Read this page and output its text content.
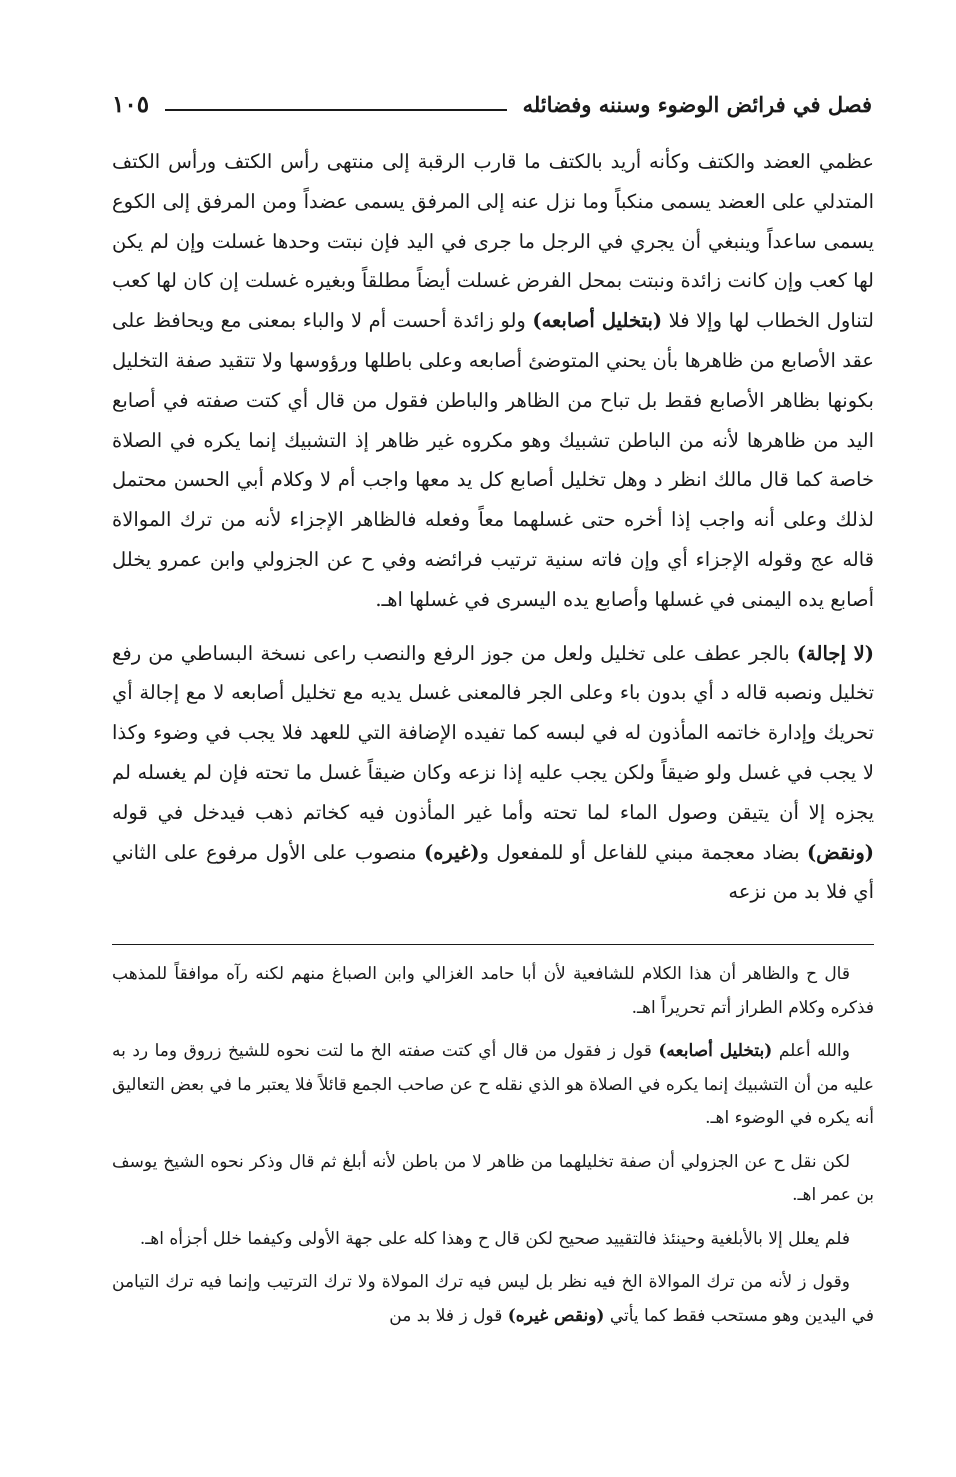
فصل في فرائض الوضوء وسننه وفضائله
١٠٥

عظمي العضد والكتف وكأنه أريد بالكتف ما قارب الرقبة إلى منتهى رأس الكتف ورأس الكتف المتدلي على العضد يسمى منكباً وما نزل عنه إلى المرفق يسمى عضداً ومن المرفق إلى الكوع يسمى ساعداً وينبغي أن يجري في الرجل ما جرى في اليد فإن نبتت وحدها غسلت وإن لم يكن لها كعب وإن كانت زائدة ونبتت بمحل الفرض غسلت أيضاً مطلقاً وبغيره غسلت إن كان لها كعب لتناول الخطاب لها وإلا فلا (بتخليل أصابعه) ولو زائدة أحست أم لا والباء بمعنى مع ويحافظ على عقد الأصابع من ظاهرها بأن يحني المتوضئ أصابعه وعلى باطلها ورؤوسها ولا تتقيد صفة التخليل بكونها بظاهر الأصابع فقط بل تباح من الظاهر والباطن فقول من قال أي كتت صفته في أصابع اليد من ظاهرها لأنه من الباطن تشبيك وهو مكروه غير ظاهر إذ التشبيك إنما يكره في الصلاة خاصة كما قال مالك انظر د وهل تخليل أصابع كل يد معها واجب أم لا وكلام أبي الحسن محتمل لذلك وعلى أنه واجب إذا أخره حتى غسلهما معاً وفعله فالظاهر الإجزاء لأنه من ترك الموالاة قاله عج وقوله الإجزاء أي وإن فاته سنية ترتيب فرائضه وفي ح عن الجزولي وابن عمرو يخلل أصابع يده اليمنى في غسلها وأصابع يده اليسرى في غسلها اهـ.

(لا إجالة) بالجر عطف على تخليل ولعل من جوز الرفع والنصب راعى نسخة البساطي من رفع تخليل ونصبه قاله د أي بدون باء وعلى الجر فالمعنى غسل يديه مع تخليل أصابعه لا مع إجالة أي تحريك وإدارة خاتمه المأذون له في لبسه كما تفيده الإضافة التي للعهد فلا يجب في وضوء وكذا لا يجب في غسل ولو ضيقاً ولكن يجب عليه إذا نزعه وكان ضيقاً غسل ما تحته فإن لم يغسله لم يجزه إلا أن يتيقن وصول الماء لما تحته وأما غير المأذون فيه كخاتم ذهب فيدخل في قوله (ونقض) بضاد معجمة مبني للفاعل أو للمفعول و(غيره) منصوب على الأول مرفوع على الثاني أي فلا بد من نزعه

قال ح والظاهر أن هذا الكلام للشافعية لأن أبا حامد الغزالي وابن الصباغ منهم لكنه رآه موافقاً للمذهب فذكره وكلام الطراز أتم تحريراً اهـ.

والله أعلم (بتخليل أصابعه) قول ز فقول من قال أي كتت صفته الخ ما لتت نحوه للشيخ زروق وما رد به عليه من أن التشبيك إنما يكره في الصلاة هو الذي نقله ح عن صاحب الجمع قائلاً فلا يعتبر ما في بعض التعاليق أنه يكره في الوضوء اهـ.

لكن نقل ح عن الجزولي أن صفة تخليلهما من ظاهر لا من باطن لأنه أبلغ ثم قال وذكر نحوه الشيخ يوسف بن عمر اهـ.

فلم يعلل إلا بالأبلغية وحينئذ فالتقييد صحيح لكن قال ح وهذا كله على جهة الأولى وكيفما خلل أجزأه اهـ.

وقول ز لأنه من ترك الموالاة الخ فيه نظر بل ليس فيه ترك المولاة ولا ترك الترتيب وإنما فيه ترك التيامن في اليدين وهو مستحب فقط كما يأتي (ونقص غيره) قول ز فلا بد من
